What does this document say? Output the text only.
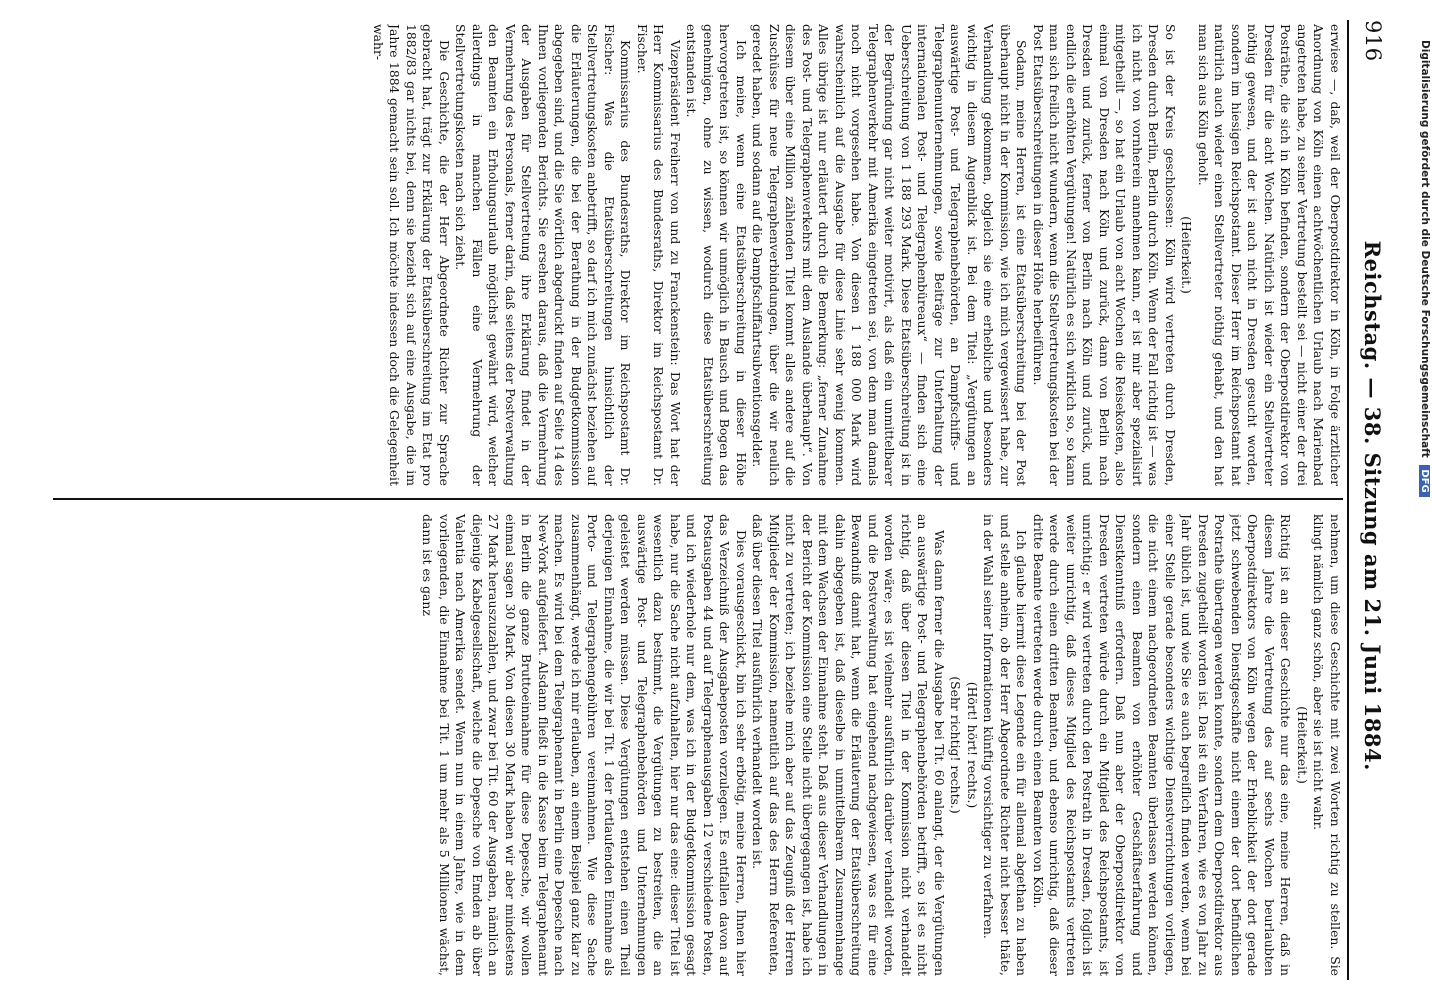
916
Reichstag. — 38. Sitzung am 21. Juni 1884.

erwiese —, daß, weil der Oberpostdirektor in Köln, in Folge ärztlicher Anordnung von Köln einen achtwöchentlichen Urlaub nach Marienbad angetreten habe, zu seiner Vertretung bestellt sei — nicht einer der drei Posträthe, die sich in Köln befinden, sondern der Oberpostdirektor von Dresden für die acht Wochen. Natürlich ist wieder ein Stellvertreter nöthig gewesen, und der ist auch nicht in Dresden gesucht worden, sondern im hiesigen Reichspostamt. Dieser Herr im Reichspostamt hat natürlich auch wieder einen Stellvertreter nöthig gehabt, und den hat man sich aus Köln geholt.

(Heiterkeit.)

So ist der Kreis geschlossen: Köln wird vertreten durch Dresden, Dresden durch Berlin, Berlin durch Köln. Wenn der Fall richtig ist — was ich nicht von vornherein annehmen kann, er ist mir aber spezialisirt mitgetheilt —, so hat ein Urlaub von acht Wochen die Reisekosten, also einmal von Dresden nach Köln und zurück, dann von Berlin nach Dresden und zurück, ferner von Berlin nach Köln und zurück, und endlich die erhöhten Vergütungen! Natürlich es sich wirklich so, so kann man sich freilich nicht wundern, wenn die Stellvertretungskosten bei der Post Etatsüberschreitungen in dieser Höhe herbeiführen.

Sodann, meine Herren, ist eine Etatsüberschreitung bei der Post überhaupt nicht in der Kommission, wie ich mich vergewissert habe, zur Verhandlung gekommen, obgleich sie eine erhebliche und besonders wichtig in diesem Augenblick ist. Bei dem Titel: „Vergütungen an auswärtige Post- und Telegraphenbehörden, an Dampfschiffs- und Telegraphenunternehmungen, sowie Beiträge zur Unterhaltung der internationalen Post- und Telegraphenbüreaux“ — finden sich eine Ueberschreitung von 1 188 293 Mark. Diese Etatsüberschreitung ist in der Begründung gar nicht weiter motivirt, als daß ein unmittelbarer Telegraphenverkehr mit Amerika eingetreten sei, von dem man damals noch nicht vorgesehen habe. Von diesen 1 188 000 Mark wird wahrscheinlich auf die Ausgabe für diese Linie sehr wenig kommen. Alles übrige ist nur erläutert durch die Bemerkung: „ferner Zunahme des Post- und Telegraphenverkehrs mit dem Auslande überhaupt“. Von diesem über eine Million zählenden Titel kommt alles andere auf die Zuschüsse für neue Telegraphenverbindungen, über die wir neulich geredet haben, und sodann auf die Dampfschiffahrtsubventionsgelder.

Ich meine, wenn eine Etatsüberschreitung in dieser Höhe hervorgetreten ist, so können wir unmöglich in Bausch und Bogen das genehmigen, ohne zu wissen, wodurch diese Etatsüberschreitung entstanden ist.

Vizepräsident Freiherr von und zu Franckenstein: Das Wort hat der Herr Kommissarius des Bundesraths, Direktor im Reichspostamt Dr. Fischer.

Kommissarius des Bundesraths, Direktor im Reichspostamt Dr. Fischer: Was die Etatsüberschreitungen hinsichtlich der Stellvertretungskosten anbetrifft, so darf ich mich zunächst beziehen auf die Erläuterungen, die bei der Berathung in der Budgetkommission abgegeben sind, und die Sie wörtlich abgedruckt finden auf Seite 14 des Ihnen vorliegenden Berichts. Sie ersehen daraus, daß die Vermehrung der Ausgaben für Stellvertretung ihre Erklärung findet in der Vermehrung des Personals, ferner darin, daß seitens der Postverwaltung den Beamten ein Erholungsurlaub möglichst gewährt wird, welcher allerdings in manchen Fällen eine Vermehrung der Stellvertretungskosten nach sich zieht.

Die Geschichte, die der Herr Abgeordnete Richter zur Sprache gebracht hat, trägt zur Erklärung der Etatsüberschreitung im Etat pro 1882/83 gar nichts bei, denn sie bezieht sich auf eine Ausgabe, die im Jahre 1884 gemacht sein soll. Ich möchte indessen doch die Gelegenheit wahr-

nehmen, um diese Geschichte mit zwei Worten richtig zu stellen. Sie klingt nämlich ganz schön, aber sie ist nicht wahr.

(Heiterkeit.)

Richtig ist an dieser Geschichte nur das eine, meine Herren, daß in diesem Jahre die Vertretung des auf sechs Wochen beurlaubten Oberpostdirektors von Köln wegen der Erheblichkeit der dort gerade jetzt schwebenden Dienstgeschäfte nicht einem der dort befindlichen Postrathe übertragen werden konnte, sondern dem Oberpostdirektor aus Dresden zugetheilt worden ist. Das ist ein Verfahren, wie es von Jahr zu Jahr üblich ist, und wie Sie es auch begreiflich finden werden, wenn bei einer Stelle gerade besonders wichtige Dienstverrichtungen vorliegen, die nicht einem nachgeordneten Beamten überlassen werden können, sondern einen Beamten von erhöhter Geschäftserfahrung und Dienstkenntniß erfordern. Daß nun aber der Oberpostdirektor von Dresden vertreten würde durch ein Mitglied des Reichspostamts, ist unrichtig; er wird vertreten durch den Postrath in Dresden, folglich ist weiter unrichtig, daß dieses Mitglied des Reichspostamts vertreten werde durch einen dritten Beamten, und ebenso unrichtig, daß dieser dritte Beamte vertreten werde durch einen Beamten von Köln.

Ich glaube hiermit diese Legende ein für allemal abgethan zu haben und stelle anheim, ob der Herr Abgeordnete Richter nicht besser thäte, in der Wahl seiner Informationen künftig vorsichtiger zu verfahren.

(Hört! hört! rechts.)

(Sehr richtig! rechts.)

Was dann ferner die Ausgabe bei Tit. 60 anlangt, der die Vergütungen an auswärtige Post- und Telegraphenbehörden betrifft, so ist es nicht richtig, daß über diesen Titel in der Kommission nicht verhandelt worden wäre; es ist vielmehr ausführlich darüber verhandelt worden, und die Postverwaltung hat eingehend nachgewiesen, was es für eine Bewandniß damit hat, wenn die Erläuterung der Etatsüberschreitung dahin abgegeben ist, daß dieselbe in unmittelbarem Zusammenhange mit dem Wachsen der Einnahme steht. Daß aus dieser Verhandlungen in der Bericht der Kommission eine Stelle nicht übergegangen ist, habe ich nicht zu vertreten; ich beziehe mich aber auf das Zeugniß der Herren Mitglieder der Kommission, namentlich auf das des Herrn Referenten, daß über diesen Titel ausführlich verhandelt worden ist.

Dies vorausgeschickt, bin ich sehr erbötig, meine Herren, Ihnen hier das Verzeichniß der Ausgabeposten vorzulegen. Es entfallen davon auf Postausgaben 44 und auf Telegraphenausgaben 12 verschiedene Posten, und ich wiederhole nur dem, was ich in der Budgetkommission gesagt habe, nur die Sache nicht aufzuhalten, hier nur das eine: dieser Titel ist wesentlich dazu bestimmt, die Vergütungen zu bestreiten, die an auswärtige Post- und Telegraphenbehörden und Unternehmungen geleistet werden müssen. Diese Vergütungen entstehen einen Theil derjenigen Einnahme, die wir bei Tit. 1 der fortlaufenden Einnahme als Porto- und Telegraphengebühren vereinnahmen. Wie diese Sache zusammenhängt, werde ich mir erlauben, an einem Beispiel ganz klar zu machen. Es wird bei dem Telegraphenamt in Berlin eine Depesche nach New-York aufgeliefert. Alsdann fließt in die Kasse beim Telegraphenamt in Berlin die ganze Bruttoeinnahme für diese Depesche, wir wollen einmal sagen 30 Mark. Von diesen 30 Mark haben wir aber mindestens 27 Mark herauszuzahlen, und zwar bei Tit. 60 der Ausgaben, nämlich an diejenige Kabelgesellschaft, welche die Depesche von Emden ab über Valentia nach Amerika sendet. Wenn nun in einem Jahre, wie in dem vorliegenden, die Einnahme bei Tit. 1 um mehr als 5 Millionen wächst, dann ist es ganz

Digitalisierung gefördert durch die Deutsche Forschungsgemeinschaft DFG
